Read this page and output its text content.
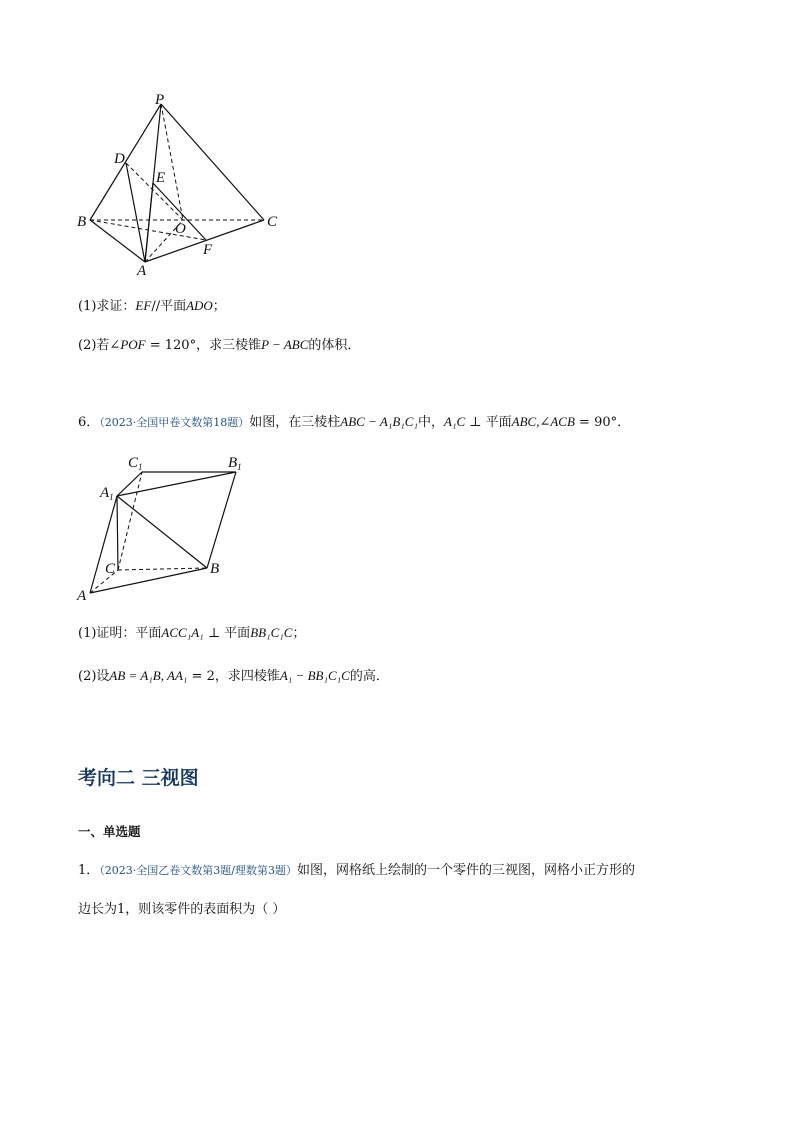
P
D
E
B	O	C
A
F
(1)求证：EF//平面ADO；
(2)若∠POF = 120°，求三棱锥P − ABC的体积．
6．（2023·全国甲卷文数第18题）如图，在三棱柱ABC − A₁B₁C₁中，A₁C ⊥ 平面ABC,∠ACB = 90°．
$C_1$	$B_1$
$A_1$
C	B
A
(1)证明：平面ACC₁A₁ ⊥ 平面BB₁C₁C；
(2)设AB = A₁B, AA₁ = 2，求四棱锥A₁ − BB₁C₁C的高．
考向二 三视图
一、单选题
1．（2023·全国乙卷文数第3题/理数第3题）如图，网格纸上绘制的一个零件的三视图，网格小正方形的
边长为1，则该零件的表面积为（ ）
